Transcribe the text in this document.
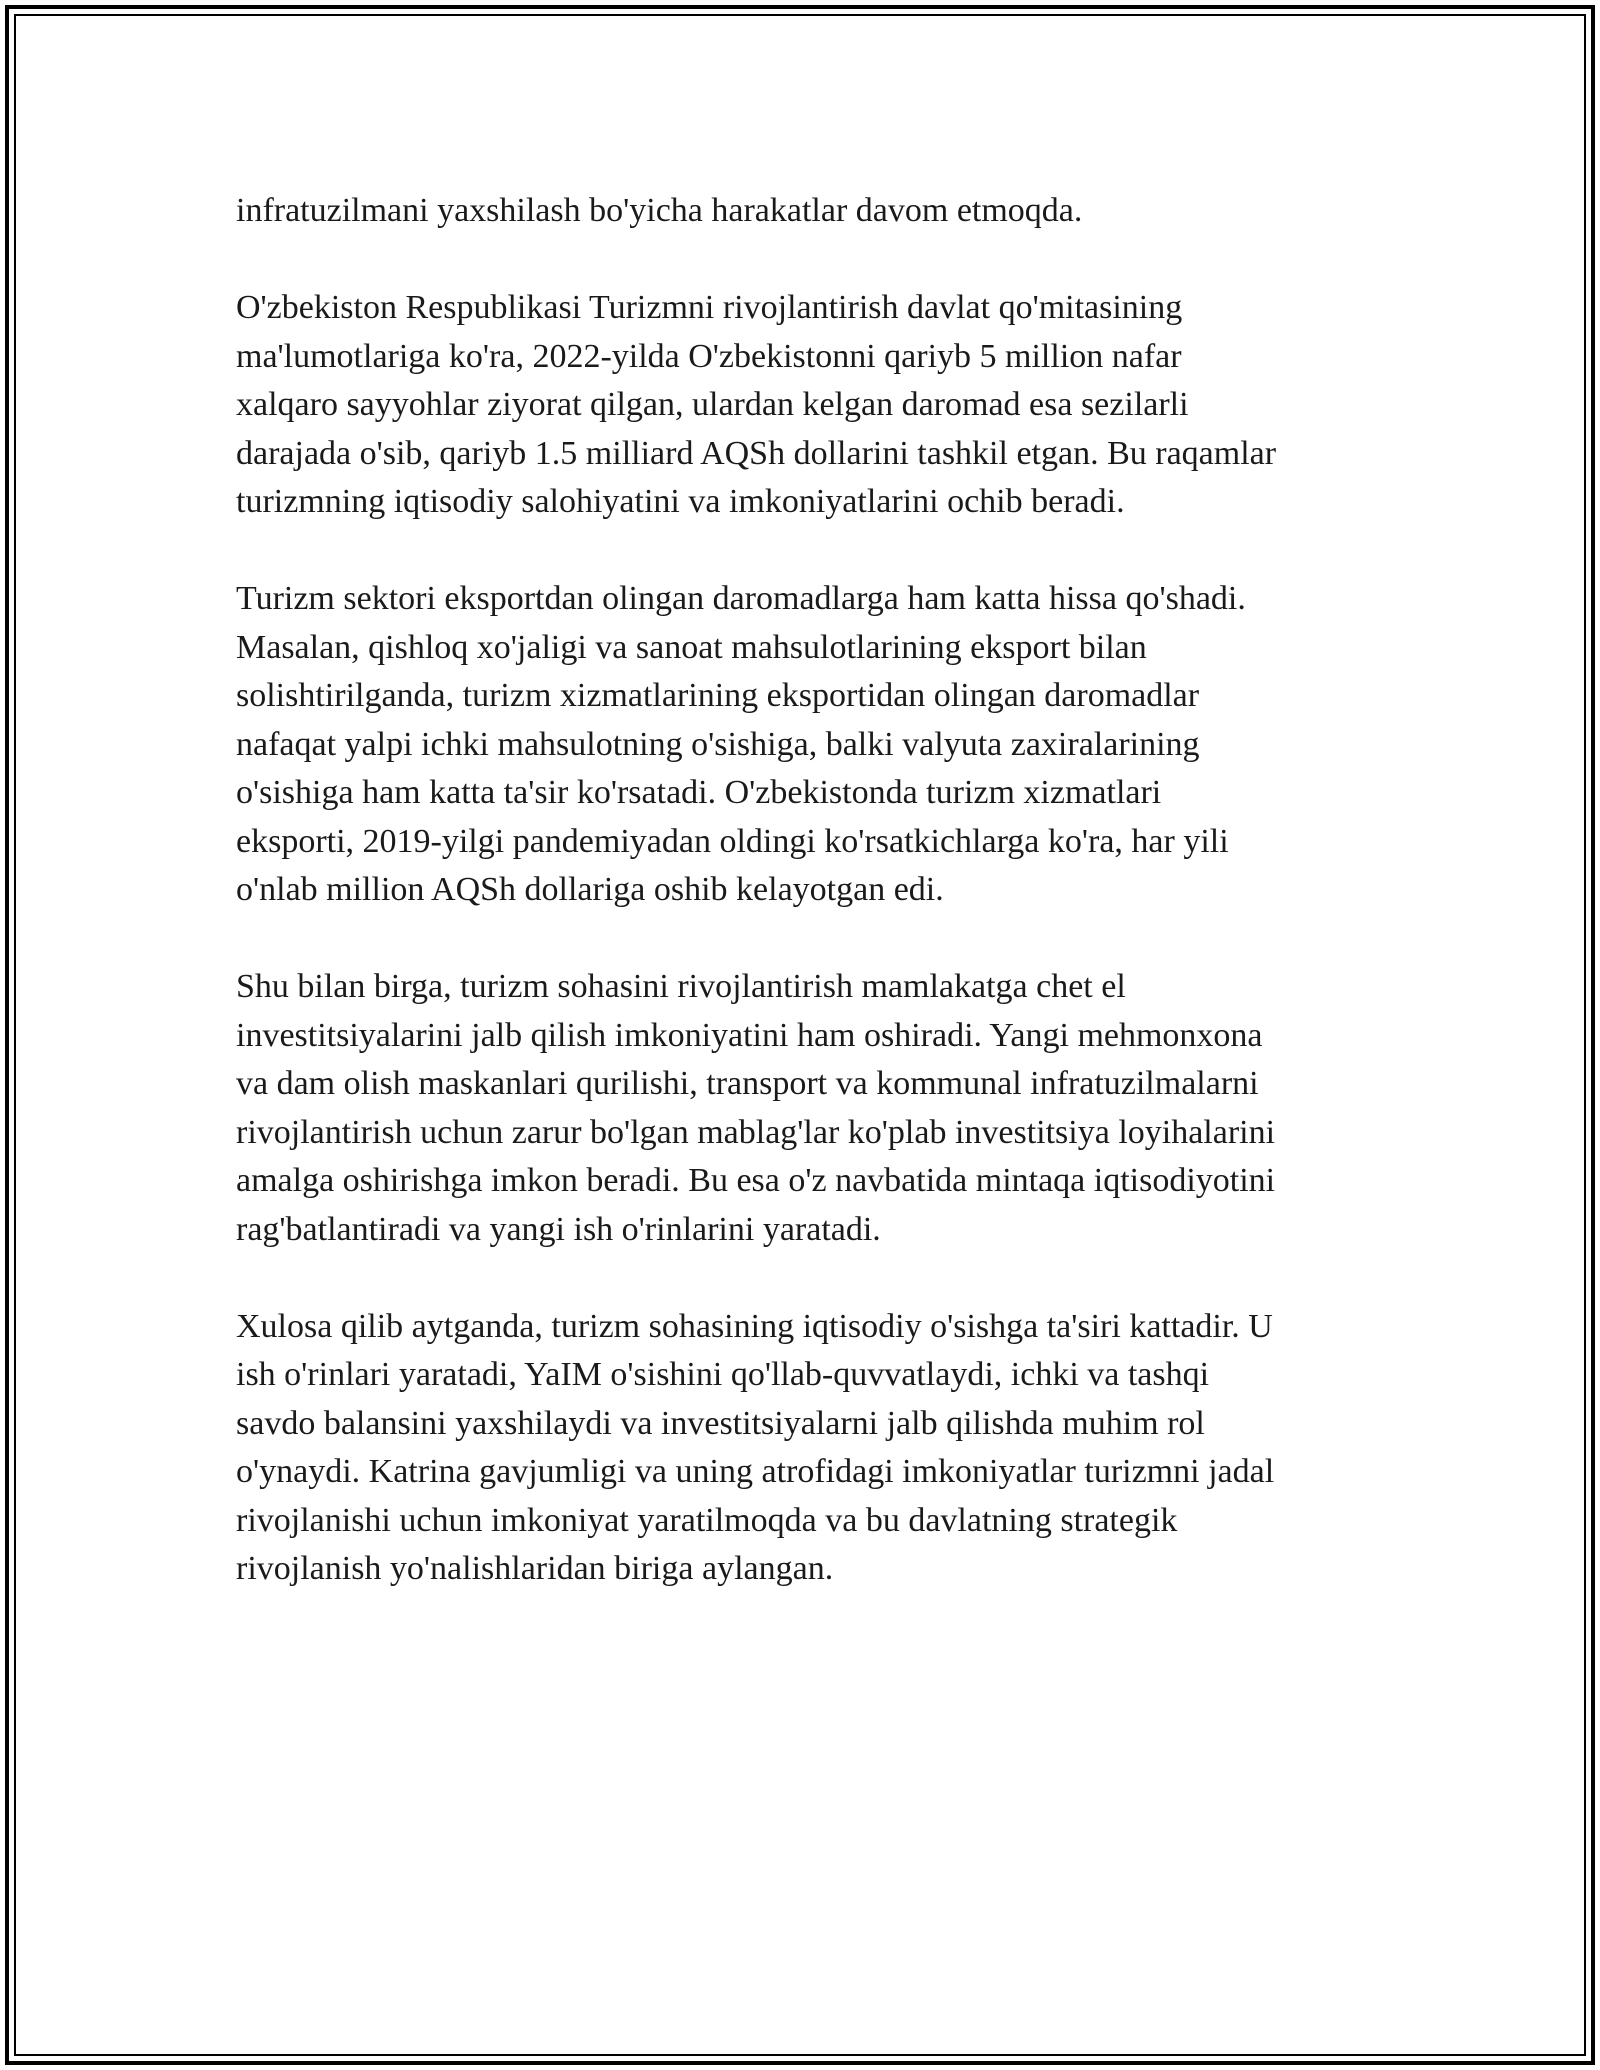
infratuzilmani yaxshilash bo'yicha harakatlar davom etmoqda.

O'zbekiston Respublikasi Turizmni rivojlantirish davlat qo'mitasining
ma'lumotlariga ko'ra, 2022-yilda O'zbekistonni qariyb 5 million nafar
xalqaro sayyohlar ziyorat qilgan, ulardan kelgan daromad esa sezilarli
darajada o'sib, qariyb 1.5 milliard AQSh dollarini tashkil etgan. Bu raqamlar
turizmning iqtisodiy salohiyatini va imkoniyatlarini ochib beradi.

Turizm sektori eksportdan olingan daromadlarga ham katta hissa qo'shadi.
Masalan, qishloq xo'jaligi va sanoat mahsulotlarining eksport bilan
solishtirilganda, turizm xizmatlarining eksportidan olingan daromadlar
nafaqat yalpi ichki mahsulotning o'sishiga, balki valyuta zaxiralarining
o'sishiga ham katta ta'sir ko'rsatadi. O'zbekistonda turizm xizmatlari
eksporti, 2019-yilgi pandemiyadan oldingi ko'rsatkichlarga ko'ra, har yili
o'nlab million AQSh dollariga oshib kelayotgan edi.

Shu bilan birga, turizm sohasini rivojlantirish mamlakatga chet el
investitsiyalarini jalb qilish imkoniyatini ham oshiradi. Yangi mehmonxona
va dam olish maskanlari qurilishi, transport va kommunal infratuzilmalarni
rivojlantirish uchun zarur bo'lgan mablag'lar ko'plab investitsiya loyihalarini
amalga oshirishga imkon beradi. Bu esa o'z navbatida mintaqa iqtisodiyotini
rag'batlantiradi va yangi ish o'rinlarini yaratadi.

Xulosa qilib aytganda, turizm sohasining iqtisodiy o'sishga ta'siri kattadir. U
ish o'rinlari yaratadi, YaIM o'sishini qo'llab-quvvatlaydi, ichki va tashqi
savdo balansini yaxshilaydi va investitsiyalarni jalb qilishda muhim rol
o'ynaydi. Katrina gavjumligi va uning atrofidagi imkoniyatlar turizmni jadal
rivojlanishi uchun imkoniyat yaratilmoqda va bu davlatning strategik
rivojlanish yo'nalishlaridan biriga aylangan.
